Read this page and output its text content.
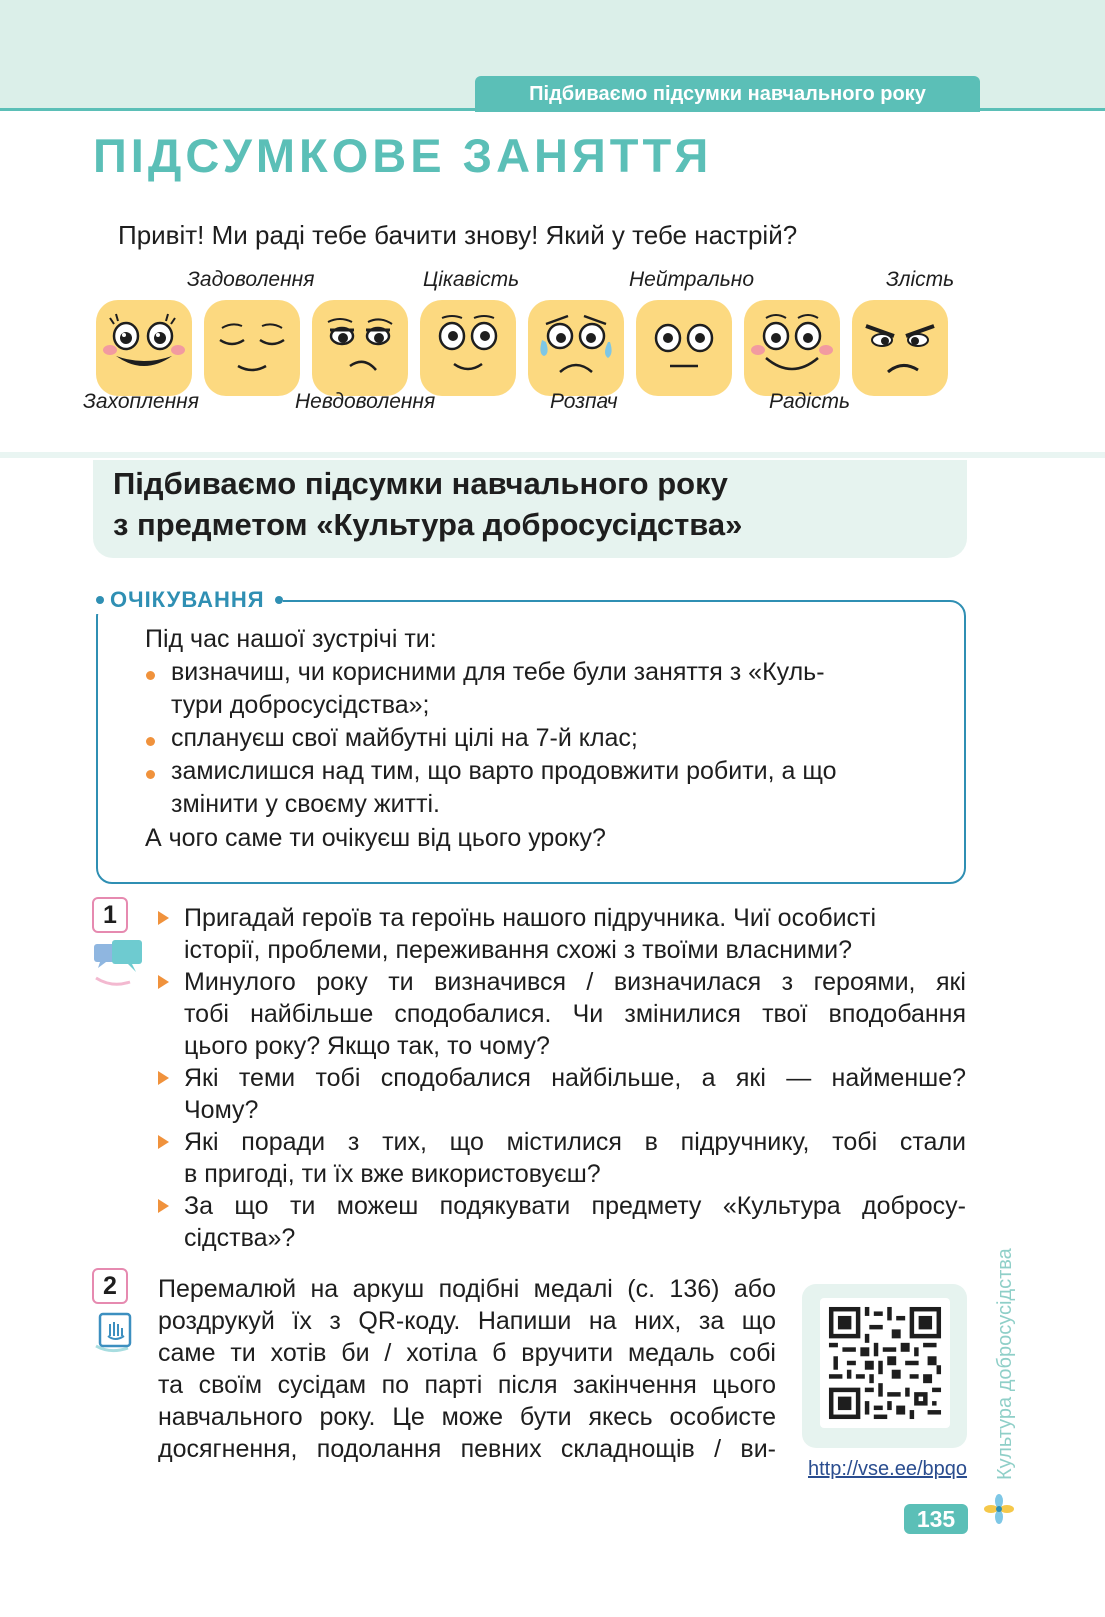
Підбиваємо підсумки навчального року
ПІДСУМКОВЕ ЗАНЯТТЯ
Привіт! Ми раді тебе бачити знову! Який у тебе настрій?
Задоволення	Цікавість	Нейтрально	Злість
Захоплення	Невдоволення	Розпач	Радість
Підбиваємо підсумки навчального року
з предметом «Культура добросусідства»
ОЧІКУВАННЯ
Під час нашої зустрічі ти:
визначиш, чи корисними для тебе були заняття з «Куль-
тури добросусідства»;
сплануєш свої майбутні цілі на 7-й клас;
замислишся над тим, що варто продовжити робити, а що
змінити у своєму житті.
А чого саме ти очікуєш від цього уроку?
1	Пригадай героїв та героїнь нашого підручника. Чиї особисті
історії, проблеми, переживання схожі з твоїми власними?
Минулого року ти визначився / визначилася з героями, які
тобі найбільше сподобалися. Чи змінилися твої вподобання
цього року? Якщо так, то чому?
Які теми тобі сподобалися найбільше, а які — найменше?
Чому?
Які поради з тих, що містилися в підручнику, тобі стали
в пригоді, ти їх вже використовуєш?
За що ти можеш подякувати предмету «Культура добросу-
сідства»?
2	Перемалюй на аркуш подібні медалі (с. 136) або
роздрукуй їх з QR-коду. Напиши на них, за що
саме ти хотів би / хотіла б вручити медаль собі
та своїм сусідам по парті після закінчення цього
навчального року. Це може бути якесь особисте
досягнення, подолання певних складнощів / ви-
http://vse.ee/bpqo Культура добросусідства
135
